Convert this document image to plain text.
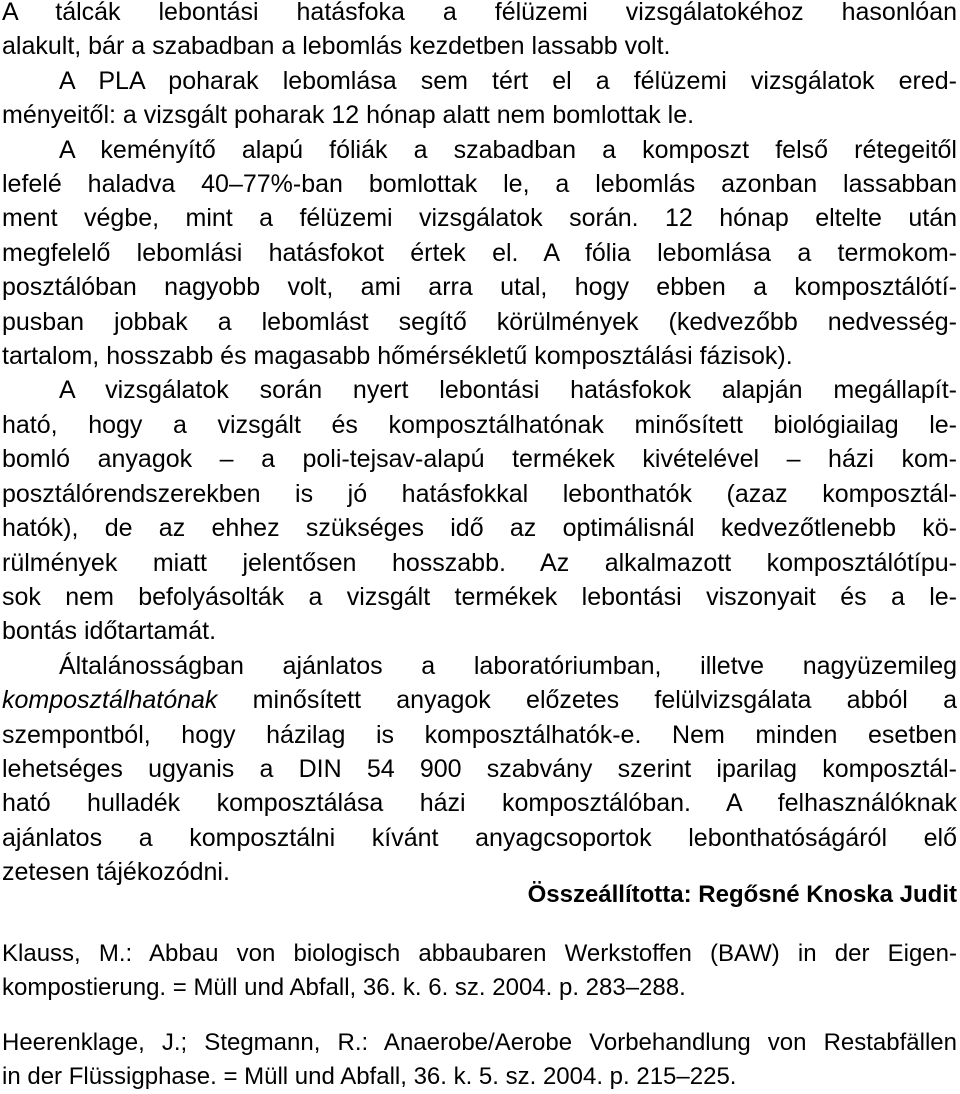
A tálcák lebontási hatásfoka a félüzemi vizsgálatokéhoz hasonlóan
alakult, bár a szabadban a lebomlás kezdetben lassabb volt.

A PLA poharak lebomlása sem tért el a félüzemi vizsgálatok ered-
ményeitől: a vizsgált poharak 12 hónap alatt nem bomlottak le.

A keményítő alapú fóliák a szabadban a komposzt felső rétegeitől
lefelé haladva 40–77%-ban bomlottak le, a lebomlás azonban lassabban
ment végbe, mint a félüzemi vizsgálatok során. 12 hónap eltelte után
megfelelő lebomlási hatásfokot értek el. A fólia lebomlása a termokom-
posztálóban nagyobb volt, ami arra utal, hogy ebben a komposztálótí-
pusban jobbak a lebomlást segítő körülmények (kedvezőbb nedvesség-
tartalom, hosszabb és magasabb hőmérsékletű komposztálási fázisok).

A vizsgálatok során nyert lebontási hatásfokok alapján megállapít-
ható, hogy a vizsgált és komposztálhatónak minősített biológiailag le-
bomló anyagok – a poli-tejsav-alapú termékek kivételével – házi kom-
posztálórendszerekben is jó hatásfokkal lebonthatók (azaz komposztál-
hatók), de az ehhez szükséges idő az optimálisnál kedvezőtlenebb kö-
rülmények miatt jelentősen hosszabb. Az alkalmazott komposztálótípu-
sok nem befolyásolták a vizsgált termékek lebontási viszonyait és a le-
bontás időtartamát.

Általánosságban ajánlatos a laboratóriumban, illetve nagyüzemileg
komposztálhatónak minősített anyagok előzetes felülvizsgálata abból a
szempontból, hogy házilag is komposztálhatók-e. Nem minden esetben
lehetséges ugyanis a DIN 54 900 szabvány szerint iparilag komposztál-
ható hulladék komposztálása házi komposztálóban. A felhasználóknak
ajánlatos a komposztálni kívánt anyagcsoportok lebonthatóságáról elő
zetesen tájékozódni.

Összeállította: Regősné Knoska Judit
Klauss, M.: Abbau von biologisch abbaubaren Werkstoffen (BAW) in der Eigen-
kompostierung. = Müll und Abfall, 36. k. 6. sz. 2004. p. 283–288.
Heerenklage, J.; Stegmann, R.: Anaerobe/Aerobe Vorbehandlung von Restabfällen
in der Flüssigphase. = Müll und Abfall, 36. k. 5. sz. 2004. p. 215–225.
